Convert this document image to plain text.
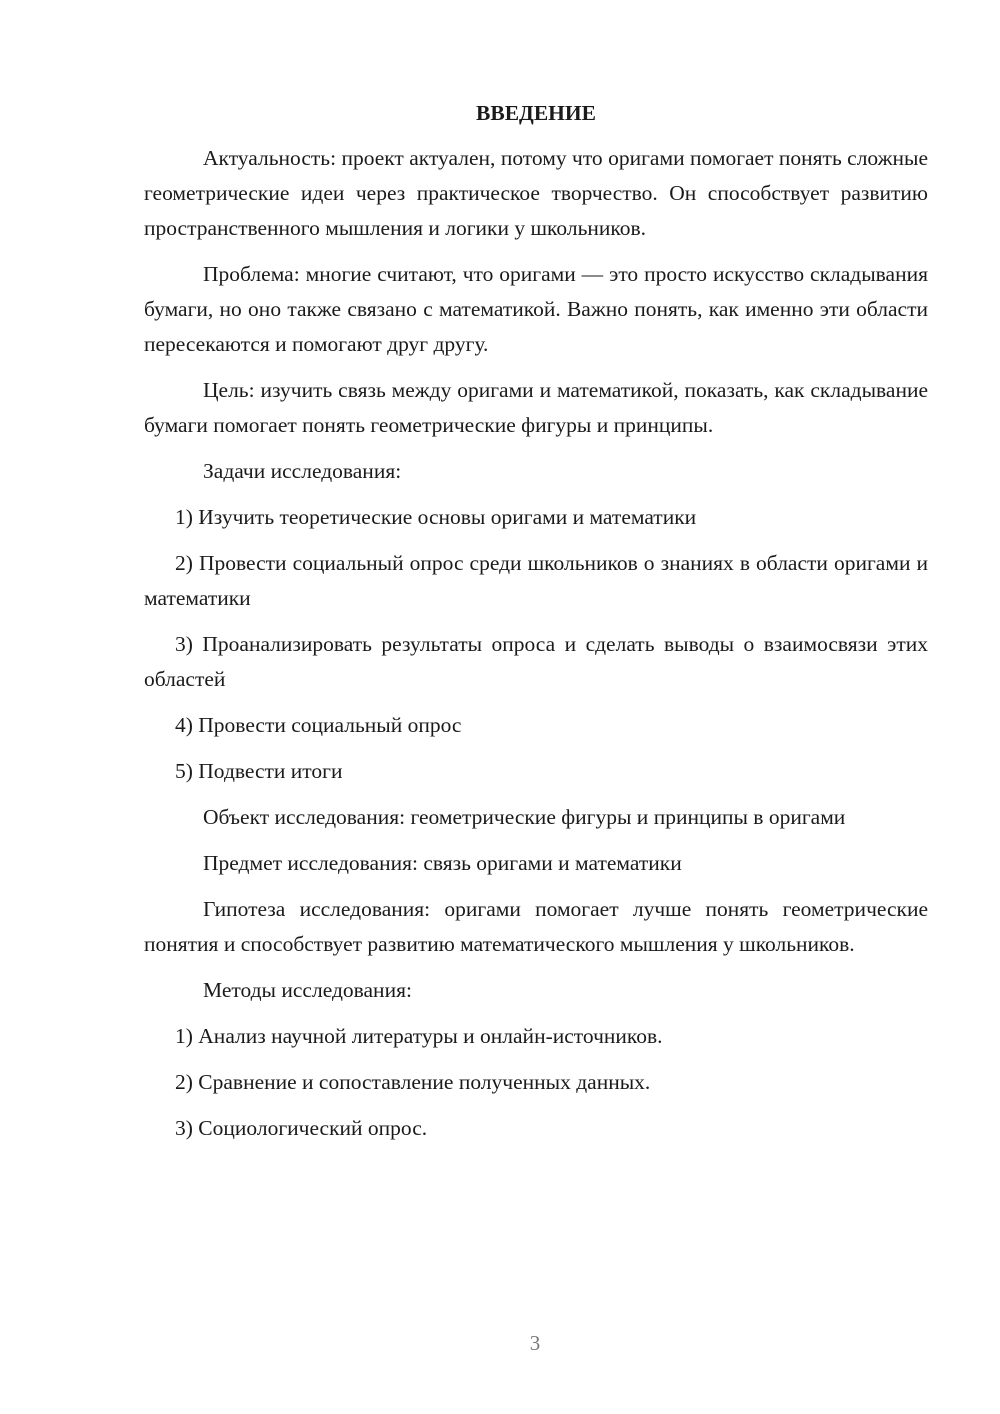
ВВЕДЕНИЕ

Актуальность: проект актуален, потому что оригами помогает понять сложные геометрические идеи через практическое творчество. Он способствует развитию пространственного мышления и логики у школьников.

Проблема: многие считают, что оригами — это просто искусство складывания бумаги, но оно также связано с математикой. Важно понять, как именно эти области пересекаются и помогают друг другу.

Цель: изучить связь между оригами и математикой, показать, как складывание бумаги помогает понять геометрические фигуры и принципы.

Задачи исследования:

1) Изучить теоретические основы оригами и математики

2) Провести социальный опрос среди школьников о знаниях в области оригами и математики

3) Проанализировать результаты опроса и сделать выводы о взаимосвязи этих областей

4) Провести социальный опрос

5) Подвести итоги

Объект исследования: геометрические фигуры и принципы в оригами

Предмет исследования: связь оригами и математики

Гипотеза исследования: оригами помогает лучше понять геометрические понятия и способствует развитию математического мышления у школьников.

Методы исследования:

1) Анализ научной литературы и онлайн-источников.

2) Сравнение и сопоставление полученных данных.

3) Социологический опрос.

3
